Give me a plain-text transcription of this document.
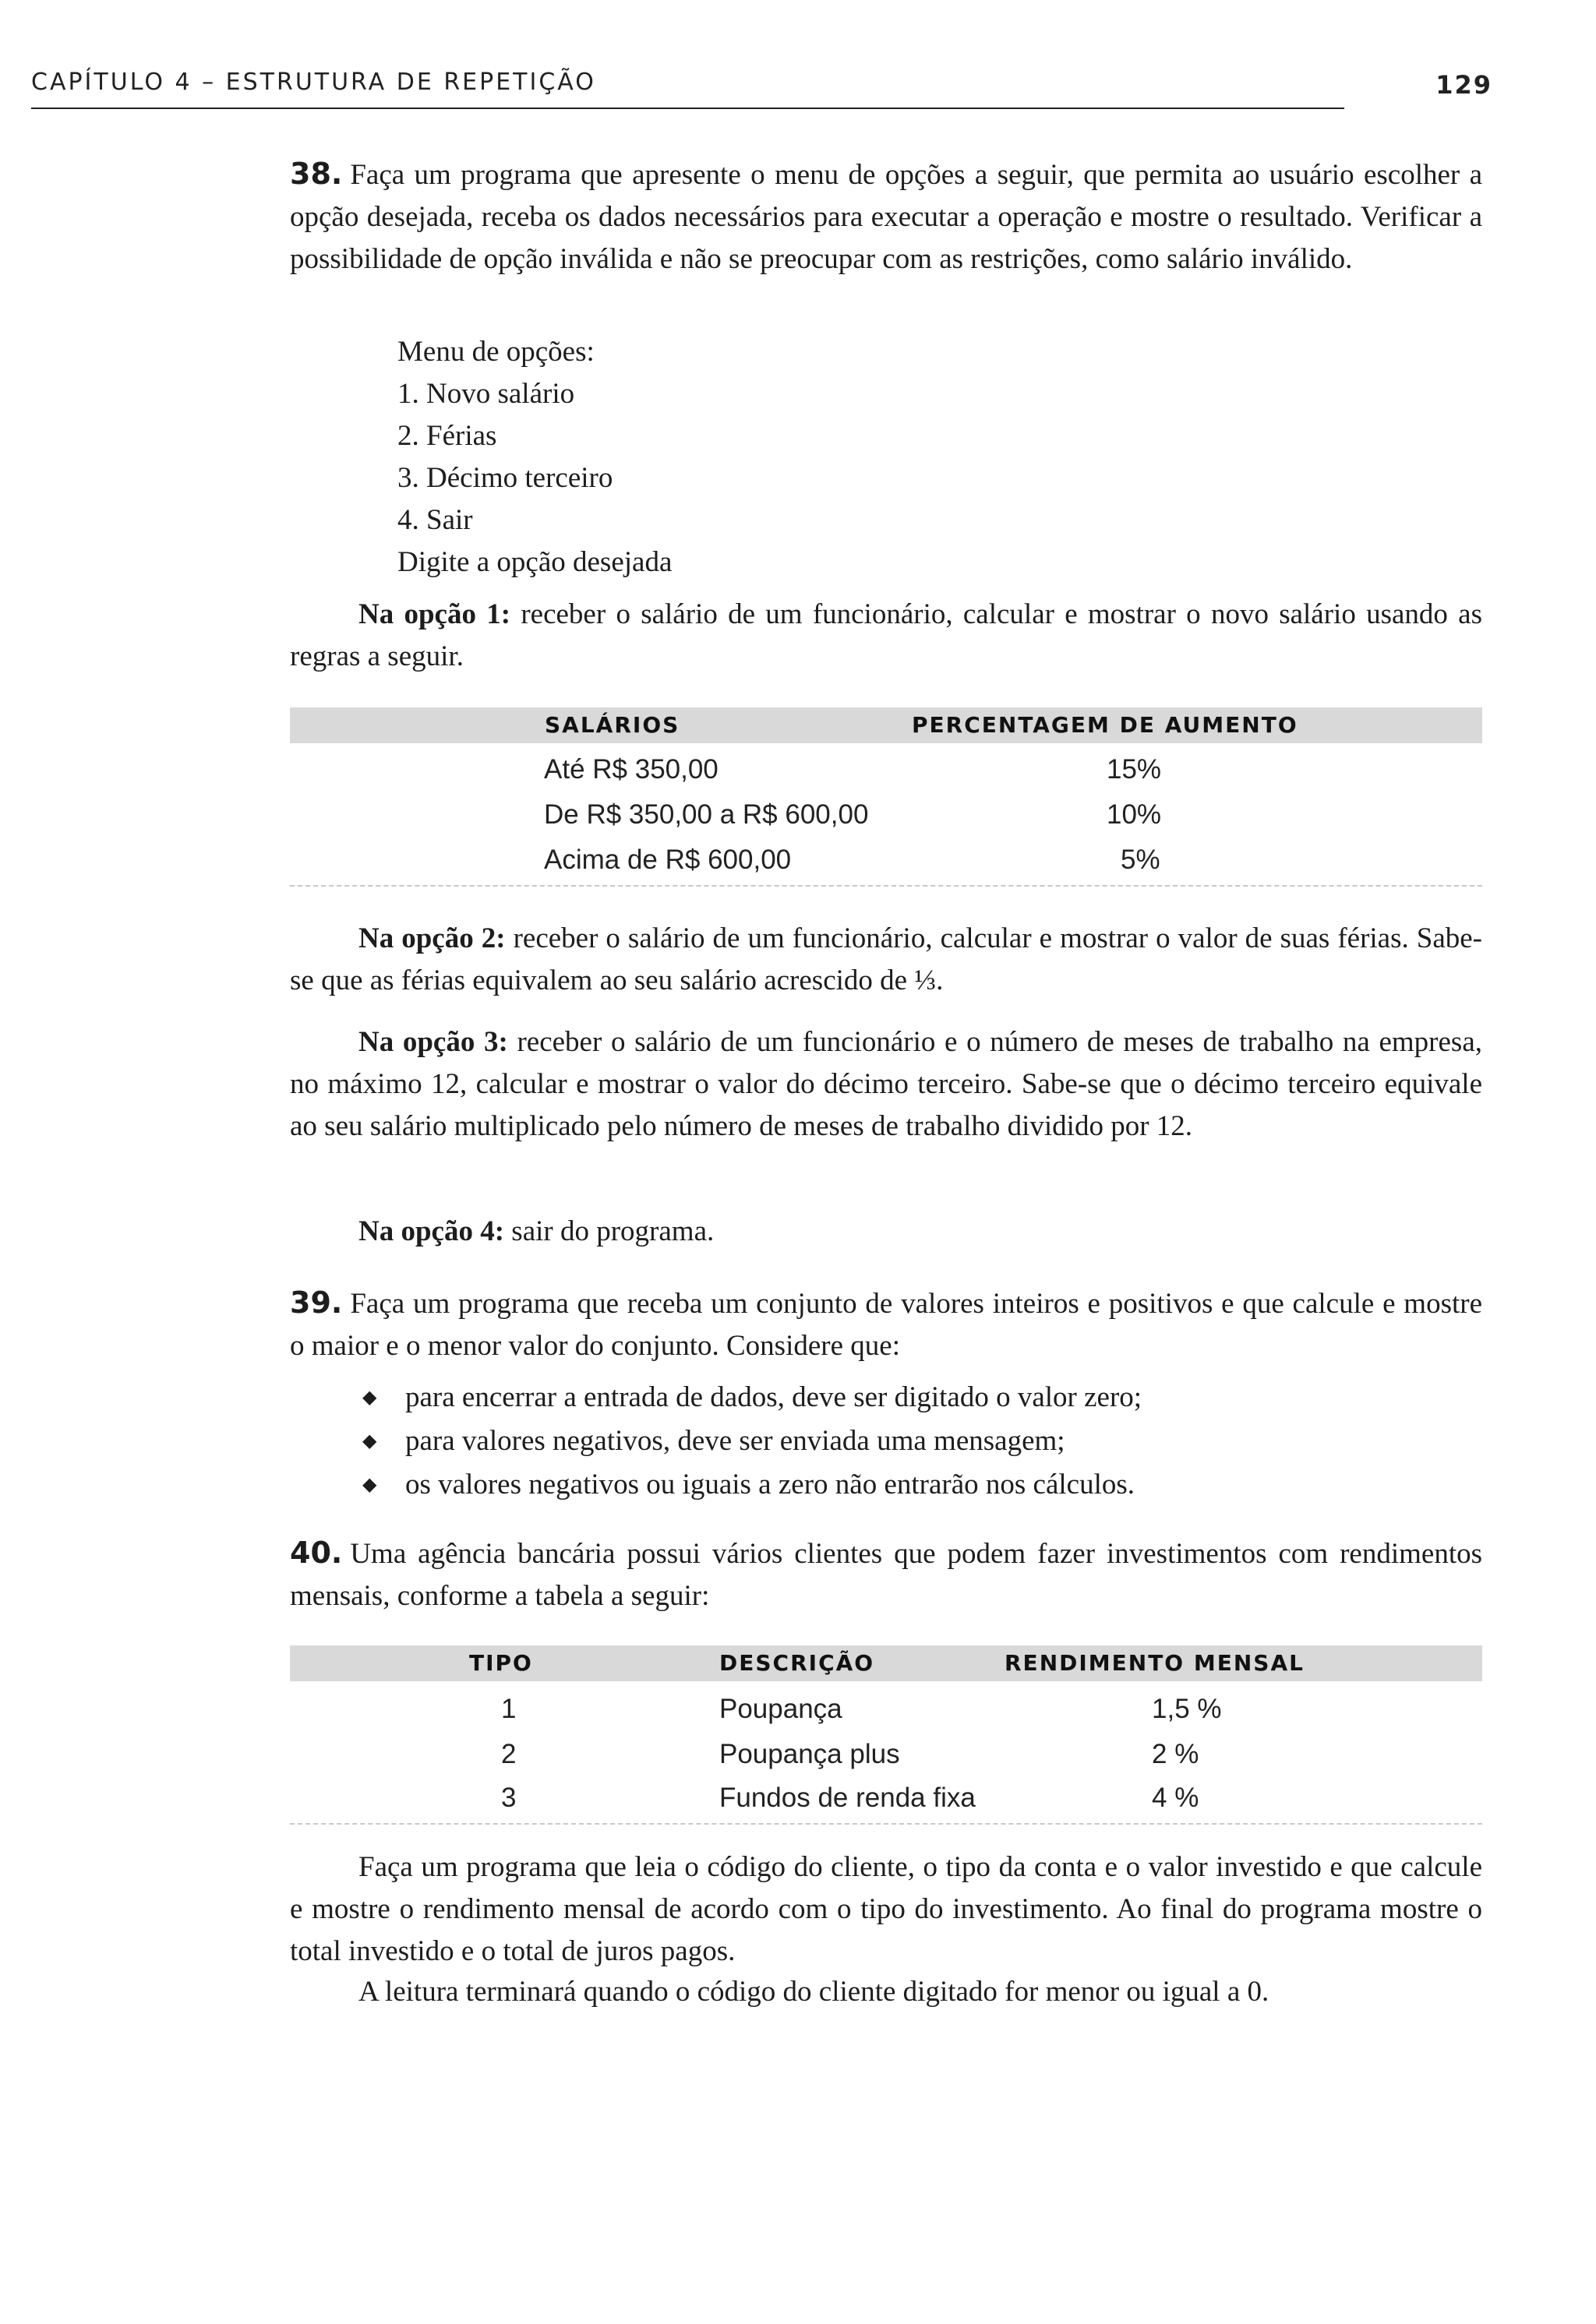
CAPÍTULO 4 – ESTRUTURA DE REPETIÇÃO	129

38. Faça um programa que apresente o menu de opções a seguir, que permita ao usuário escolher a opção desejada, receba os dados necessários para executar a operação e mostre o resultado. Verificar a possibilidade de opção inválida e não se preocupar com as restrições, como salário inválido.

Menu de opções:
1. Novo salário
2. Férias
3. Décimo terceiro
4. Sair
Digite a opção desejada
Na opção 1: receber o salário de um funcionário, calcular e mostrar o novo salário usando as regras a seguir.
SALÁRIOS	PERCENTAGEM DE AUMENTO
Até R$ 350,00	15%
De R$ 350,00 a R$ 600,00	10%
Acima de R$ 600,00	5%
Na opção 2: receber o salário de um funcionário, calcular e mostrar o valor de suas férias. Sabe-se que as férias equivalem ao seu salário acrescido de ⅓.
Na opção 3: receber o salário de um funcionário e o número de meses de trabalho na empresa, no máximo 12, calcular e mostrar o valor do décimo terceiro. Sabe-se que o décimo terceiro equivale ao seu salário multiplicado pelo número de meses de trabalho dividido por 12.
Na opção 4: sair do programa.

39. Faça um programa que receba um conjunto de valores inteiros e positivos e que calcule e mostre o maior e o menor valor do conjunto. Considere que:

◆ para encerrar a entrada de dados, deve ser digitado o valor zero;
◆ para valores negativos, deve ser enviada uma mensagem;
◆ os valores negativos ou iguais a zero não entrarão nos cálculos.

40. Uma agência bancária possui vários clientes que podem fazer investimentos com rendimentos mensais, conforme a tabela a seguir:

TIPO	DESCRIÇÃO	RENDIMENTO MENSAL
1	Poupança	1,5 %
2	Poupança plus	2 %
3	Fundos de renda fixa	4 %
Faça um programa que leia o código do cliente, o tipo da conta e o valor investido e que calcule e mostre o rendimento mensal de acordo com o tipo do investimento. Ao final do programa mostre o total investido e o total de juros pagos.
A leitura terminará quando o código do cliente digitado for menor ou igual a 0.
